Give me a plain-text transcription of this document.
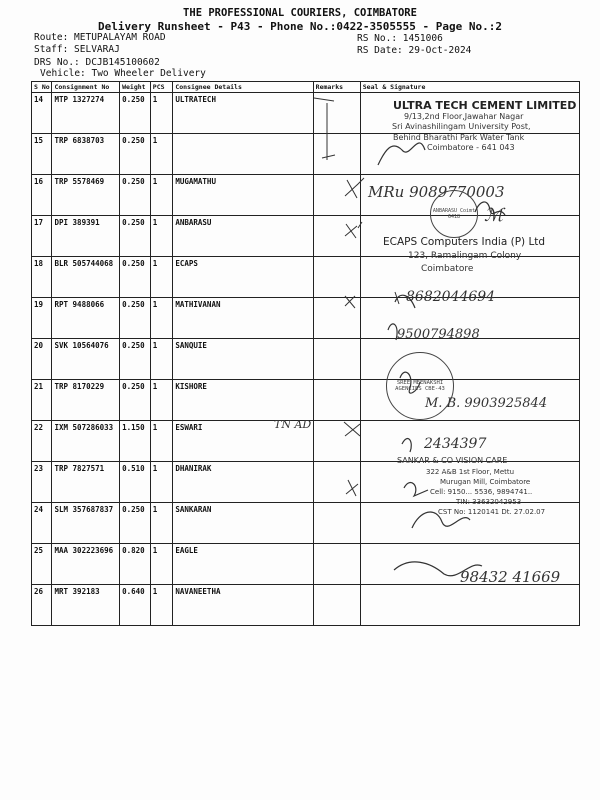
THE PROFESSIONAL COURIERS, COIMBATORE
Delivery Runsheet - P43 - Phone No.:0422-3505555 - Page No.:2
Route: METUPALAYAM ROAD
Staff: SELVARAJ
DRS No.: DCJB145100602
Vehicle: Two Wheeler Delivery
RS No.: 1451006
RS Date: 29-Oct-2024
S No	Consignment No	Weight	PCS	Consignee Details	Remarks	Seal & Signature
14	MTP 1327274	0.250	1	ULTRATECH		
15	TRP 6838703	0.250	1			
16	TRP 5578469	0.250	1	MUGAMATHU		
17	DPI 389391	0.250	1	ANBARASU		
18	BLR 505744068	0.250	1	ECAPS		
19	RPT 9488066	0.250	1	MATHIVANAN		
20	SVK 10564076	0.250	1	SANQUIE		
21	TRP 8170229	0.250	1	KISHORE		
22	IXM 507286033	1.150	1	ESWARI		
23	TRP 7827571	0.510	1	DHANIRAK		
24	SLM 357687837	0.250	1	SANKARAN		
25	MAA 302223696	0.820	1	EAGLE		
26	MRT 392183	0.640	1	NAVANEETHA		
ULTRA TECH CEMENT LIMITED
9/13,2nd Floor,Jawahar Nagar
Sri Avinashilingam University Post,
Behind Bharathi Park Water Tank
Coimbatore - 641 043
MRu 9089770003
ANBARASU Coimt 6418	ℳ
ECAPS Computers India (P) Ltd
123, Ramalingam Colony
Coimbatore
8682044694
9500794898
SREE MEENAKSHI AGENCIES CBE-43
M. B. 9903925844
TN AD
2434397
SANKAR & CO VISION CARE
322 A&B 1st Floor, Mettu
Murugan Mill, Coimbatore
Cell: 9150... 5536, 9894741..
TIN: 33632042953
CST No: 1120141 Dt. 27.02.07
98432 41669
